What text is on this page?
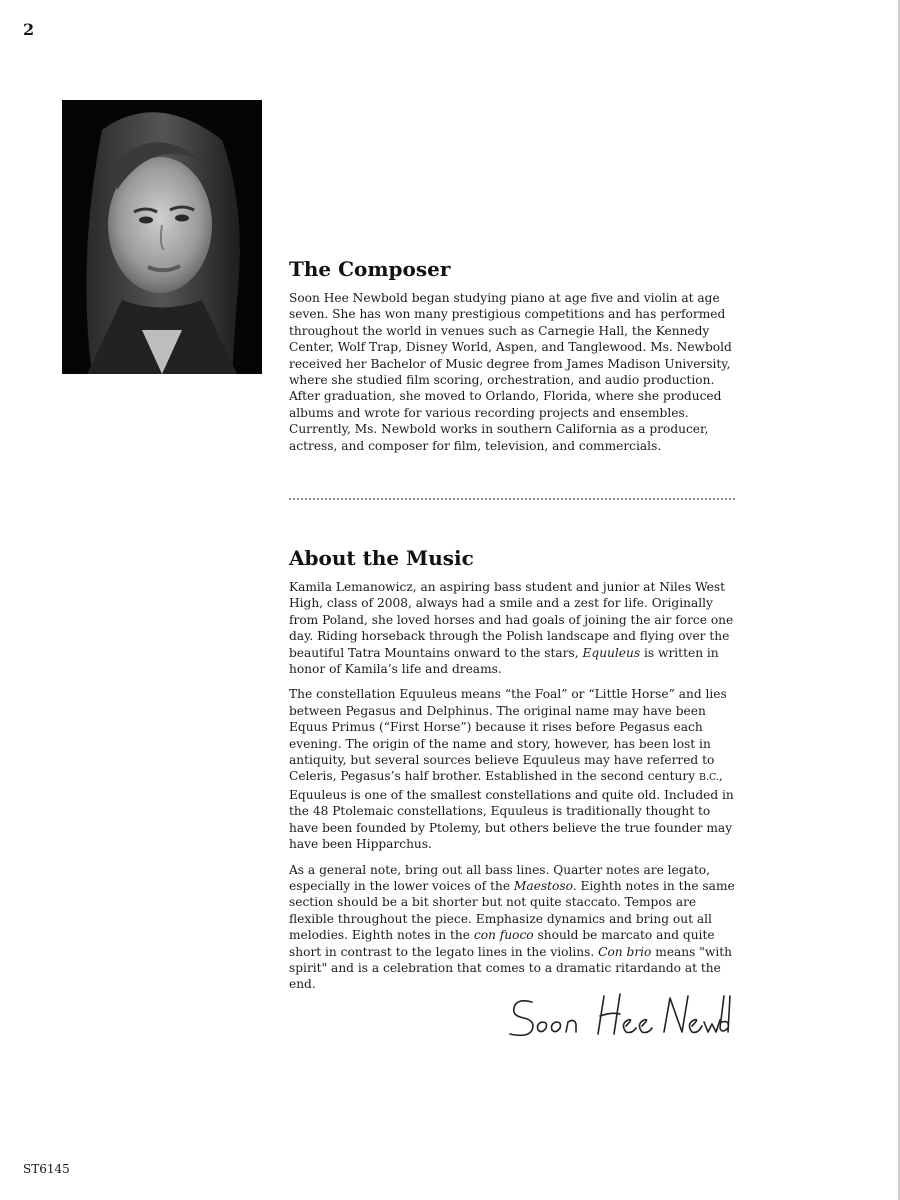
2
The Composer

Soon Hee Newbold began studying piano at age five and violin at age seven. She has won many prestigious competitions and has performed throughout the world in venues such as Carnegie Hall, the Kennedy Center, Wolf Trap, Disney World, Aspen, and Tanglewood. Ms. Newbold received her Bachelor of Music degree from James Madison University, where she studied film scoring, orchestration, and audio production. After graduation, she moved to Orlando, Florida, where she produced albums and wrote for various recording projects and ensembles. Currently, Ms. Newbold works in southern California as a producer, actress, and composer for film, television, and commercials.

About the Music

Kamila Lemanowicz, an aspiring bass student and junior at Niles West High, class of 2008, always had a smile and a zest for life. Originally from Poland, she loved horses and had goals of joining the air force one day. Riding horseback through the Polish landscape and flying over the beautiful Tatra Mountains onward to the stars, Equuleus is written in honor of Kamila’s life and dreams.

The constellation Equuleus means “the Foal” or “Little Horse” and lies between Pegasus and Delphinus. The original name may have been Equus Primus (“First Horse”) because it rises before Pegasus each evening. The origin of the name and story, however, has been lost in antiquity, but several sources believe Equuleus may have referred to Celeris, Pegasus’s half brother. Established in the second century B.C., Equuleus is one of the smallest constellations and quite old. Included in the 48 Ptolemaic constellations, Equuleus is traditionally thought to have been founded by Ptolemy, but others believe the true founder may have been Hipparchus.

As a general note, bring out all bass lines. Quarter notes are legato, especially in the lower voices of the Maestoso. Eighth notes in the same section should be a bit shorter but not quite staccato. Tempos are flexible throughout the piece. Emphasize dynamics and bring out all melodies. Eighth notes in the con fuoco should be marcato and quite short in contrast to the legato lines in the violins. Con brio means "with spirit" and is a celebration that comes to a dramatic ritardando at the end.

ST6145
